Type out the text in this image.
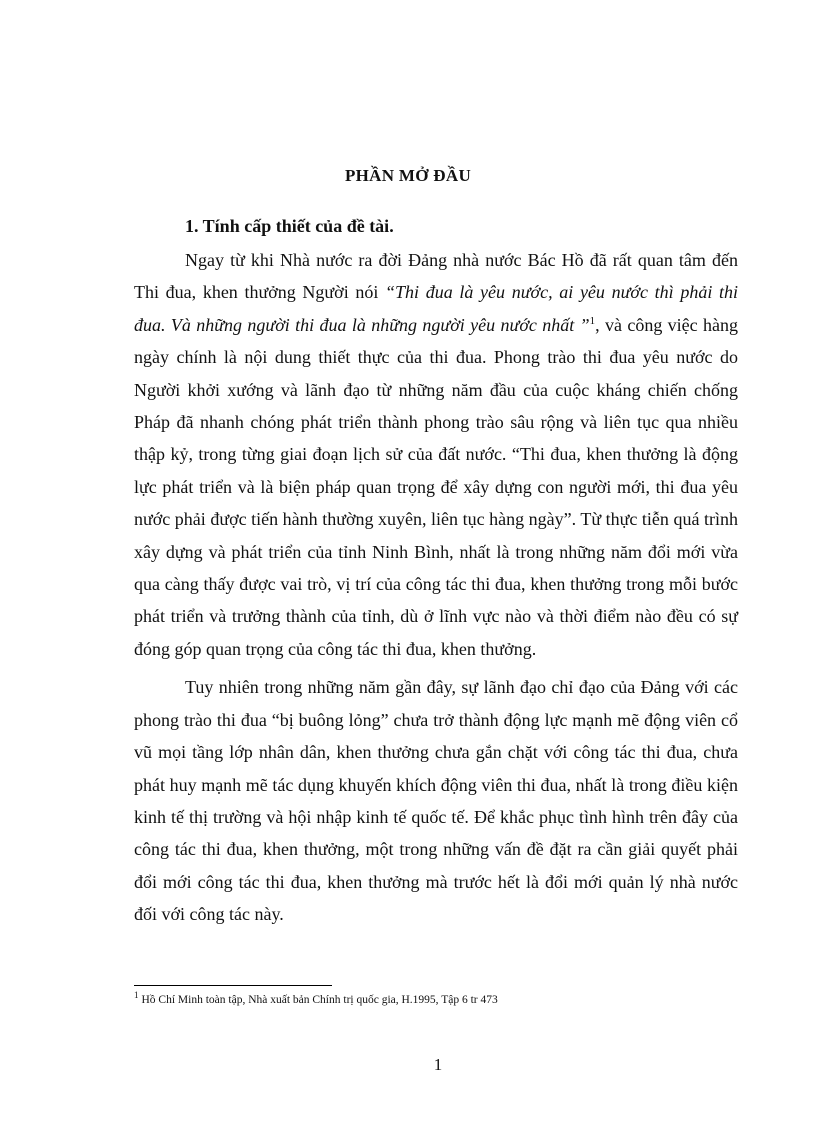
PHẦN MỞ ĐẦU
1. Tính cấp thiết của đề tài.

Ngay từ khi Nhà nước ra đời Đảng nhà nước Bác Hồ đã rất quan tâm đến Thi đua, khen thưởng Người nói “Thi đua là yêu nước, ai yêu nước thì phải thi đua. Và những người thi đua là những người yêu nước nhất ”$^1$, và công việc hàng ngày chính là nội dung thiết thực của thi đua. Phong trào thi đua yêu nước do Người khởi xướng và lãnh đạo từ những năm đầu của cuộc kháng chiến chống Pháp đã nhanh chóng phát triển thành phong trào sâu rộng và liên tục qua nhiều thập kỷ, trong từng giai đoạn lịch sử của đất nước. “Thi đua, khen thưởng là động lực phát triển và là biện pháp quan trọng để xây dựng con người mới, thi đua yêu nước phải được tiến hành thường xuyên, liên tục hàng ngày”. Từ thực tiễn quá trình xây dựng và phát triển của tỉnh Ninh Bình, nhất là trong những năm đổi mới vừa qua càng thấy được vai trò, vị trí của công tác thi đua, khen thưởng trong mỗi bước phát triển và trưởng thành của tỉnh, dù ở lĩnh vực nào và thời điểm nào đều có sự đóng góp quan trọng của công tác thi đua, khen thưởng.

Tuy nhiên trong những năm gần đây, sự lãnh đạo chỉ đạo của Đảng với các phong trào thi đua “bị buông lỏng” chưa trở thành động lực mạnh mẽ động viên cổ vũ mọi tầng lớp nhân dân, khen thưởng chưa gắn chặt với công tác thi đua, chưa phát huy mạnh mẽ tác dụng khuyến khích động viên thi đua, nhất là trong điều kiện kinh tế thị trường và hội nhập kinh tế quốc tế. Để khắc phục tình hình trên đây của công tác thi đua, khen thưởng, một trong những vấn đề đặt ra cần giải quyết phải đổi mới công tác thi đua, khen thưởng mà trước hết là đổi mới quản lý nhà nước đối với công tác này.

$^1$ Hồ Chí Minh toàn tập, Nhà xuất bản Chính trị quốc gia, H.1995, Tập 6 tr 473
1
